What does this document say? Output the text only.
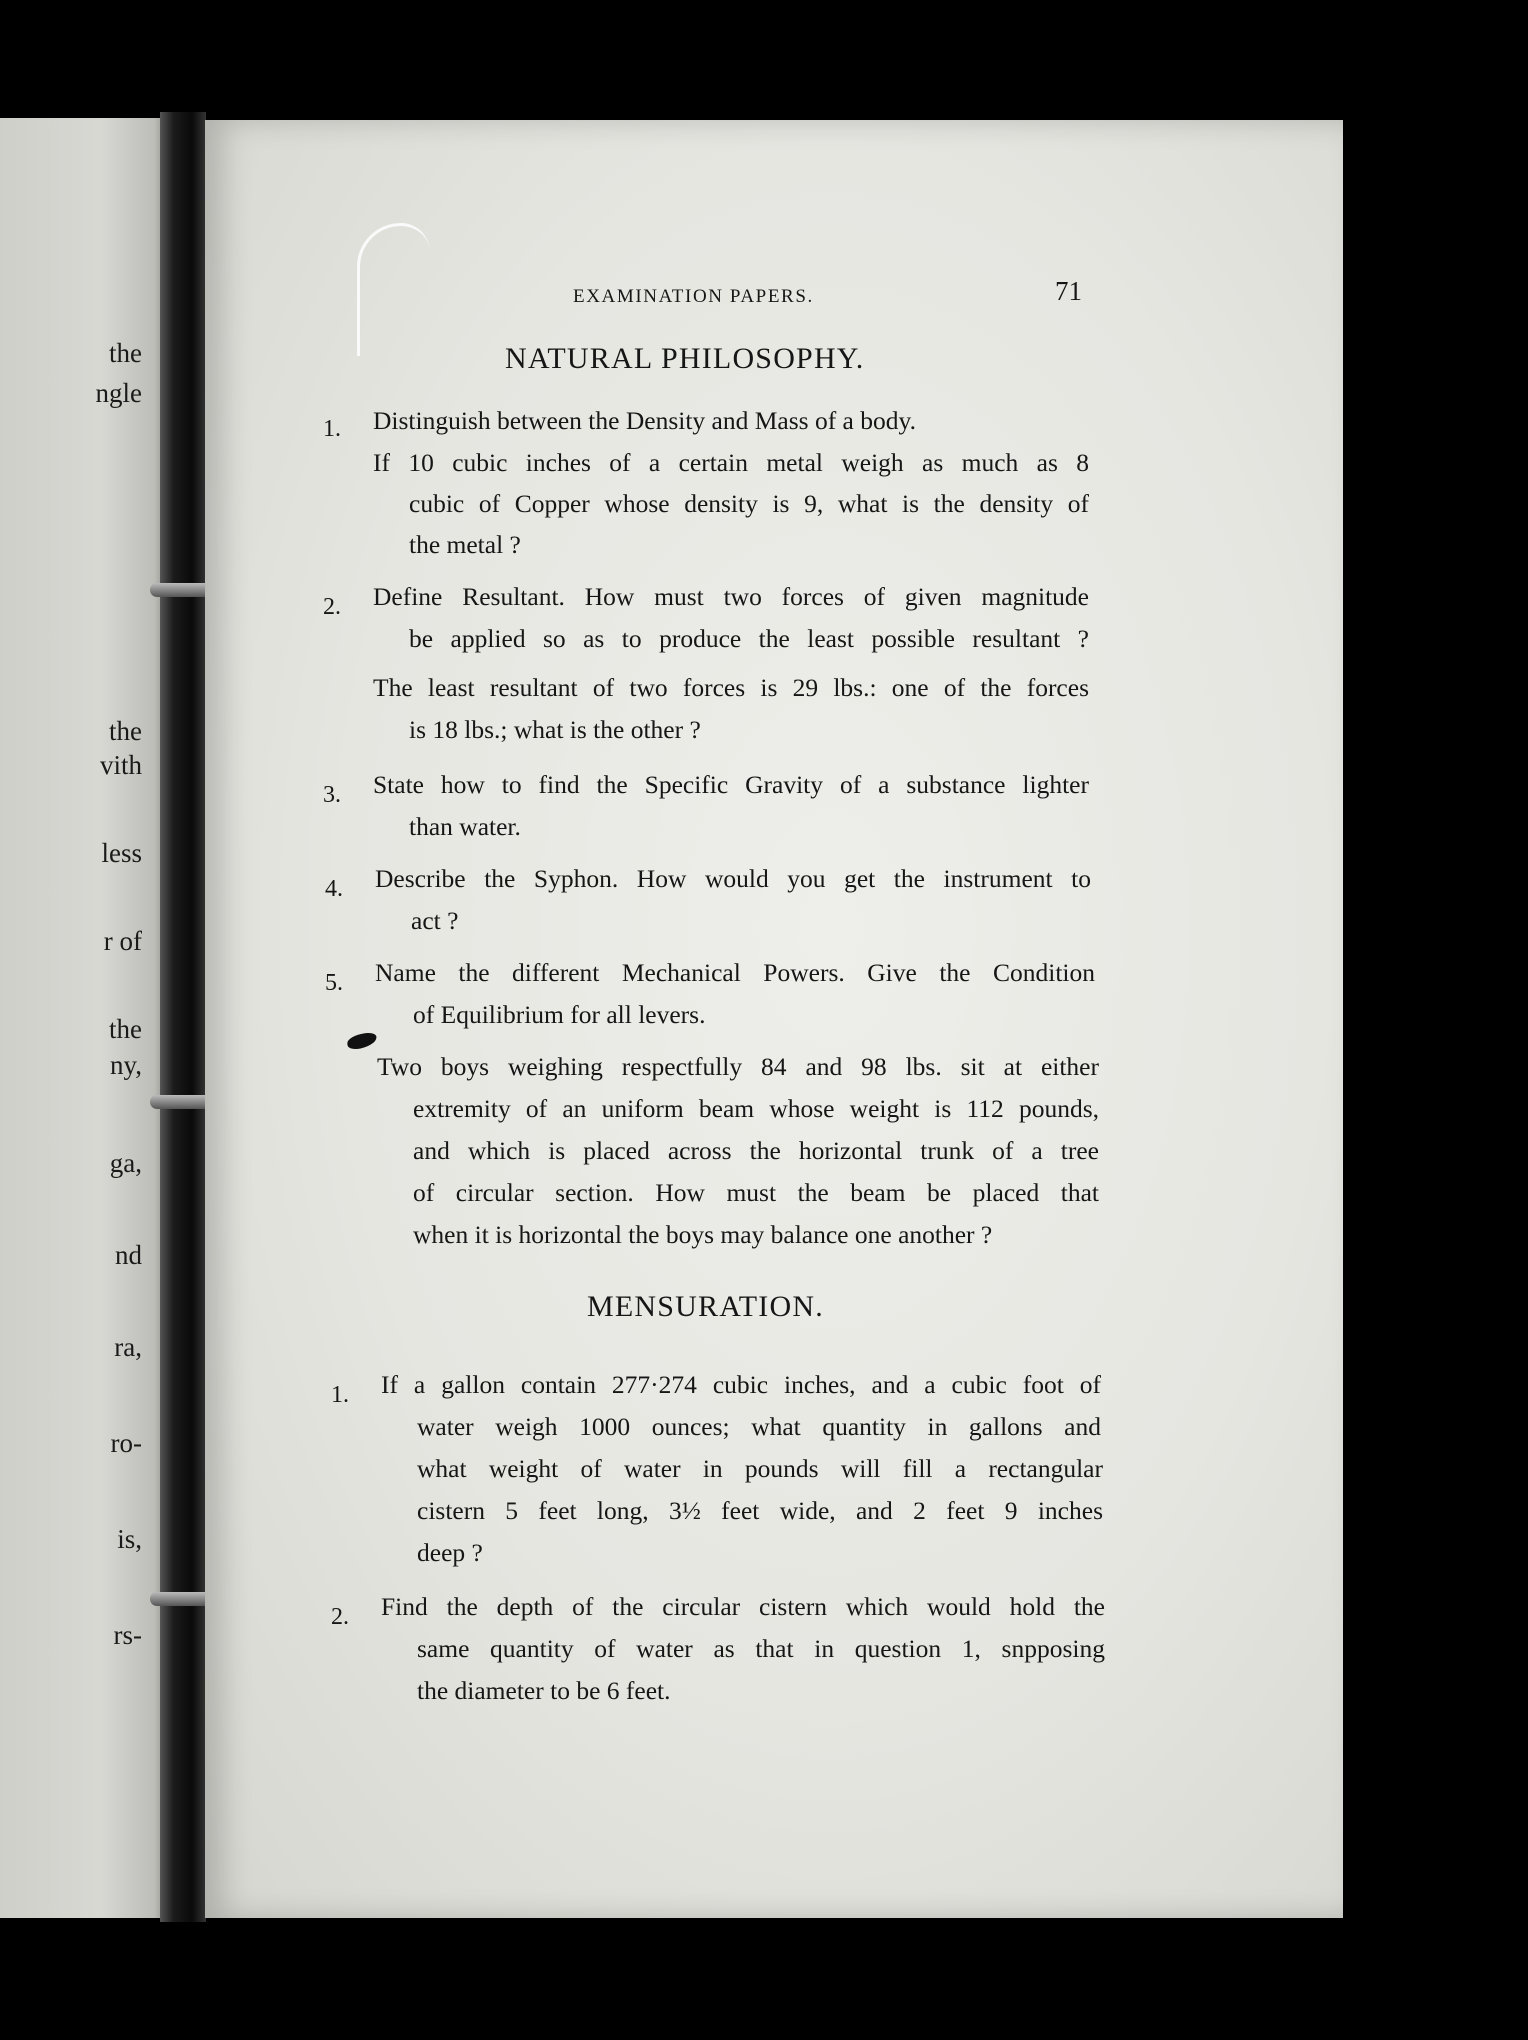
the
ngle
the
vith
less
r of
the
ny,
ga,
nd
ra,
ro-
is,
rs-
EXAMINATION PAPERS.	71
NATURAL PHILOSOPHY.
1. Distinguish between the Density and Mass of a body.
If 10 cubic inches of a certain metal weigh as much as 8
cubic of Copper whose density is 9, what is the density of
the metal ?
2. Define Resultant. How must two forces of given magnitude
be applied so as to produce the least possible resultant ?
The least resultant of two forces is 29 lbs.: one of the forces
is 18 lbs.; what is the other ?
3. State how to find the Specific Gravity of a substance lighter
than water.
4. Describe the Syphon. How would you get the instrument to
act ?
5. Name the different Mechanical Powers. Give the Condition
of Equilibrium for all levers.
Two boys weighing respectfully 84 and 98 lbs. sit at either
extremity of an uniform beam whose weight is 112 pounds,
and which is placed across the horizontal trunk of a tree
of circular section. How must the beam be placed that
when it is horizontal the boys may balance one another ?
MENSURATION.
1. If a gallon contain 277·274 cubic inches, and a cubic foot of
water weigh 1000 ounces; what quantity in gallons and
what weight of water in pounds will fill a rectangular
cistern 5 feet long, 3½ feet wide, and 2 feet 9 inches
deep ?
2. Find the depth of the circular cistern which would hold the
same quantity of water as that in question 1, snpposing
the diameter to be 6 feet.
